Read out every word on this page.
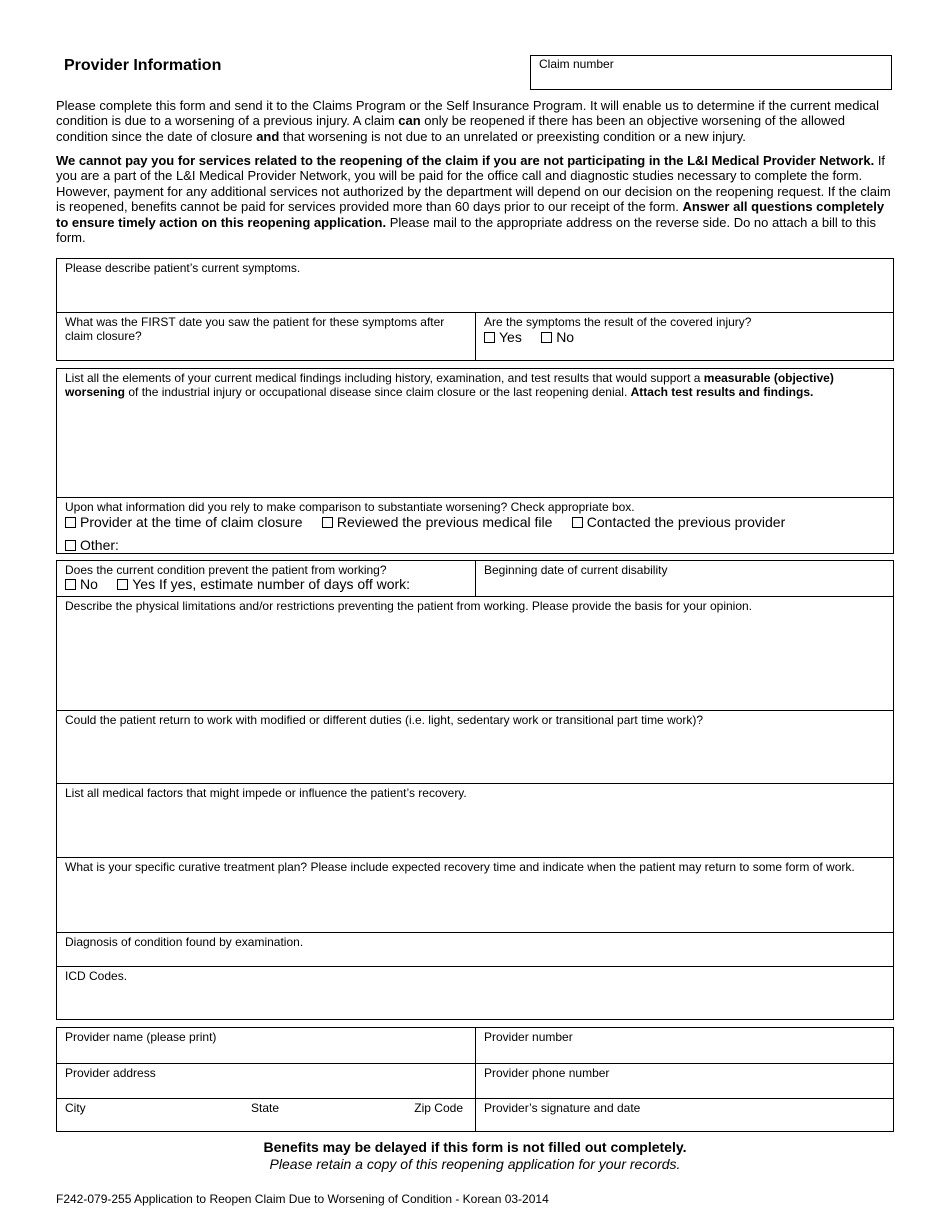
Provider Information	Claim number
Please complete this form and send it to the Claims Program or the Self Insurance Program. It will enable us to determine if the current medical condition is due to a worsening of a previous injury. A claim can only be reopened if there has been an objective worsening of the allowed condition since the date of closure and that worsening is not due to an unrelated or preexisting condition or a new injury.
We cannot pay you for services related to the reopening of the claim if you are not participating in the L&I Medical Provider Network. If you are a part of the L&I Medical Provider Network, you will be paid for the office call and diagnostic studies necessary to complete the form. However, payment for any additional services not authorized by the department will depend on our decision on the reopening request. If the claim is reopened, benefits cannot be paid for services provided more than 60 days prior to our receipt of the form. Answer all questions completely to ensure timely action on this reopening application. Please mail to the appropriate address on the reverse side. Do no attach a bill to this form.
Please describe patient’s current symptoms.
What was the FIRST date you saw the patient for these symptoms after claim closure?
Are the symptoms the result of the covered injury?
Yes No
List all the elements of your current medical findings including history, examination, and test results that would support a measurable (objective) worsening of the industrial injury or occupational disease since claim closure or the last reopening denial. Attach test results and findings.
Upon what information did you rely to make comparison to substantiate worsening? Check appropriate box.
Provider at the time of claim closure Reviewed the previous medical file Contacted the previous provider
Other:
Does the current condition prevent the patient from working?
No Yes If yes, estimate number of days off work:
Beginning date of current disability
Describe the physical limitations and/or restrictions preventing the patient from working. Please provide the basis for your opinion.
Could the patient return to work with modified or different duties (i.e. light, sedentary work or transitional part time work)?
List all medical factors that might impede or influence the patient’s recovery.
What is your specific curative treatment plan? Please include expected recovery time and indicate when the patient may return to some form of work.
Diagnosis of condition found by examination.
ICD Codes.
Provider name (please print)	Provider number
Provider address	Provider phone number
City	State	Zip Code	Provider’s signature and date
Benefits may be delayed if this form is not filled out completely.
Please retain a copy of this reopening application for your records.
F242-079-255 Application to Reopen Claim Due to Worsening of Condition - Korean 03-2014
